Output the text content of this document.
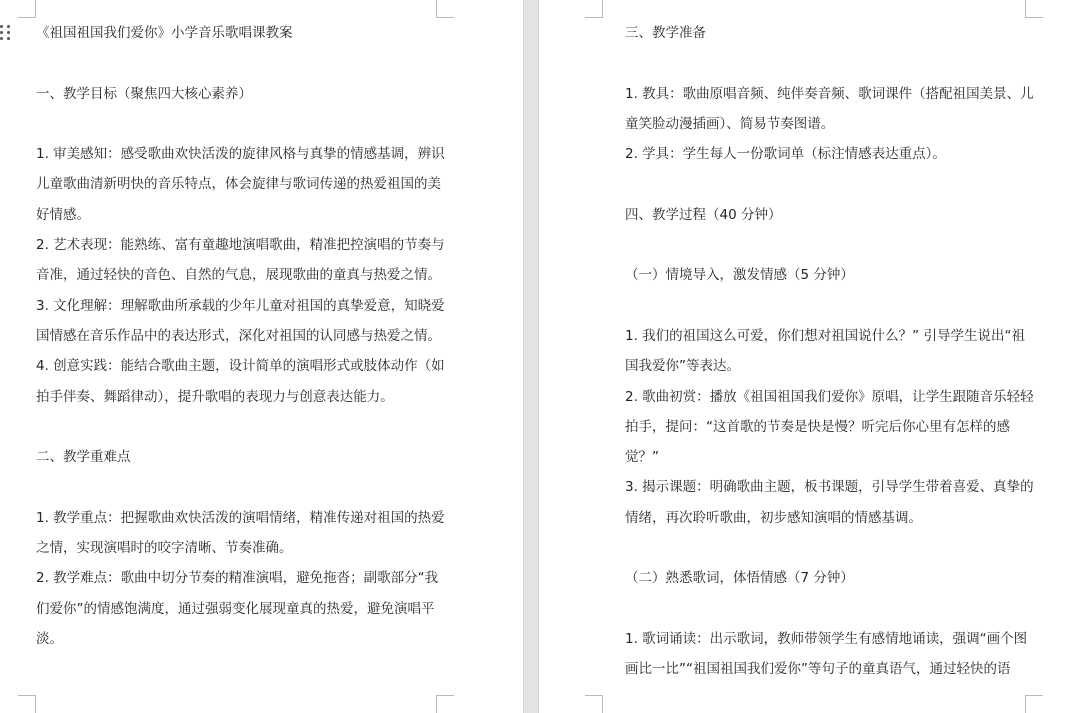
《祖国祖国我们爱你》小学音乐歌唱课教案

一、教学目标（聚焦四大核心素养）

1. 审美感知：感受歌曲欢快活泼的旋律风格与真挚的情感基调，辨识儿童歌曲清新明快的音乐特点，体会旋律与歌词传递的热爱祖国的美好情感。

2. 艺术表现：能熟练、富有童趣地演唱歌曲，精准把控演唱的节奏与音准，通过轻快的音色、自然的气息，展现歌曲的童真与热爱之情。

3. 文化理解：理解歌曲所承载的少年儿童对祖国的真挚爱意，知晓爱国情感在音乐作品中的表达形式，深化对祖国的认同感与热爱之情。

4. 创意实践：能结合歌曲主题，设计简单的演唱形式或肢体动作（如拍手伴奏、舞蹈律动），提升歌唱的表现力与创意表达能力。

二、教学重难点

1. 教学重点：把握歌曲欢快活泼的演唱情绪，精准传递对祖国的热爱之情，实现演唱时的咬字清晰、节奏准确。

2. 教学难点：歌曲中切分节奏的精准演唱，避免拖沓；副歌部分“我们爱你”的情感饱满度，通过强弱变化展现童真的热爱，避免演唱平淡。

三、教学准备

1. 教具：歌曲原唱音频、纯伴奏音频、歌词课件（搭配祖国美景、儿童笑脸动漫插画）、简易节奏图谱。

2. 学具：学生每人一份歌词单（标注情感表达重点）。

四、教学过程（40 分钟）

（一）情境导入，激发情感（5 分钟）

1. 我们的祖国这么可爱，你们想对祖国说什么？” 引导学生说出“祖国我爱你”等表达。

2. 歌曲初赏：播放《祖国祖国我们爱你》原唱，让学生跟随音乐轻轻拍手，提问：“这首歌的节奏是快是慢？听完后你心里有怎样的感觉？”

3. 揭示课题：明确歌曲主题，板书课题，引导学生带着喜爱、真挚的情绪，再次聆听歌曲，初步感知演唱的情感基调。

（二）熟悉歌词，体悟情感（7 分钟）

1. 歌词诵读：出示歌词，教师带领学生有感情地诵读，强调“画个图画比一比”“祖国祖国我们爱你”等句子的童真语气，通过轻快的语
